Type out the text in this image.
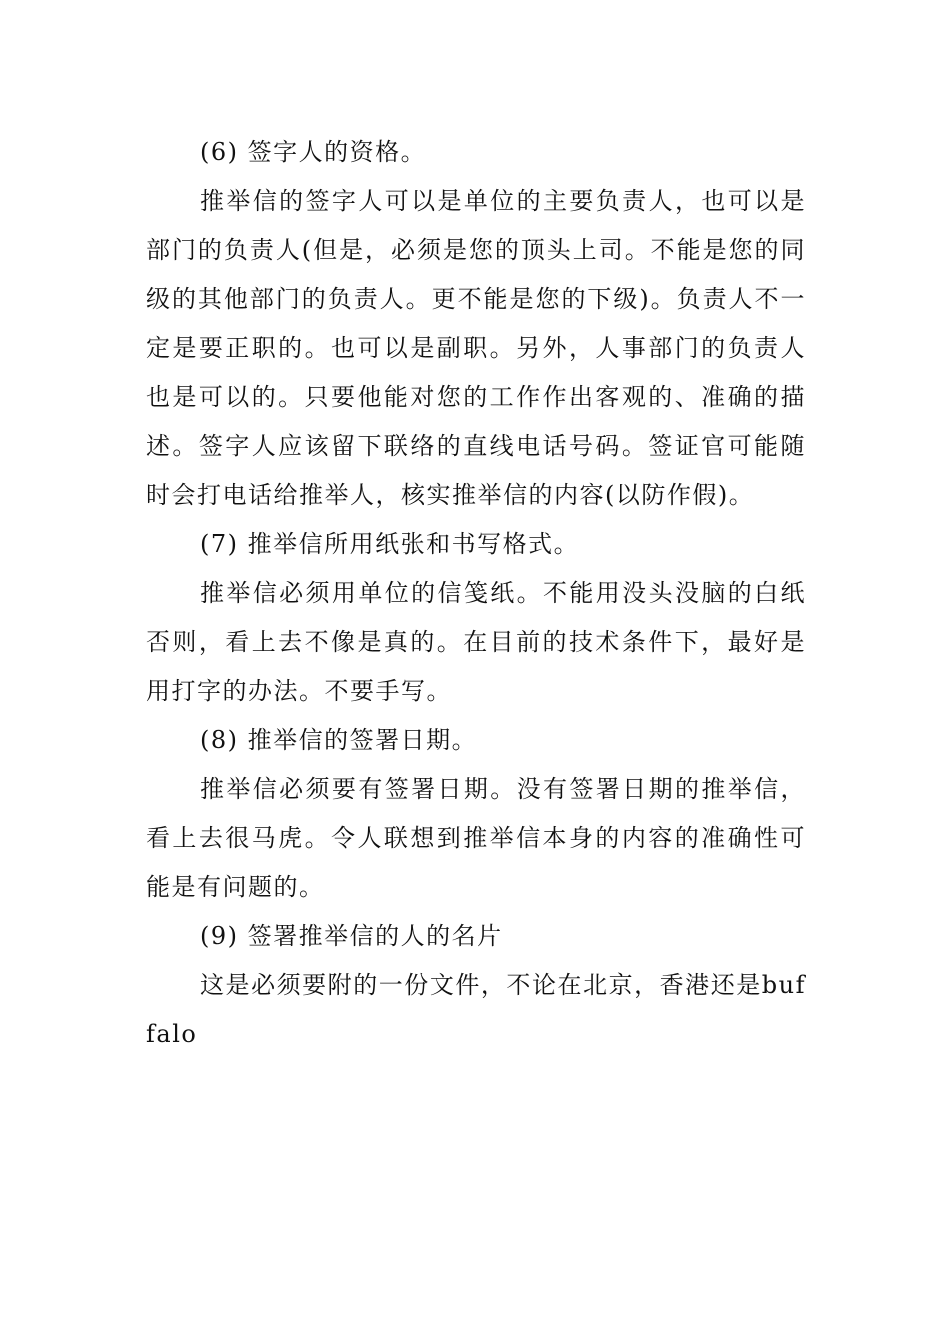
(6) 签字人的资格。

推举信的签字人可以是单位的主要负责人，也可以是部门的负责人(但是，必须是您的顶头上司。不能是您的同级的其他部门的负责人。更不能是您的下级)。负责人不一定是要正职的。也可以是副职。另外，人事部门的负责人也是可以的。只要他能对您的工作作出客观的、准确的描述。签字人应该留下联络的直线电话号码。签证官可能随时会打电话给推举人，核实推举信的内容(以防作假)。

(7) 推举信所用纸张和书写格式。

推举信必须用单位的信笺纸。不能用没头没脑的白纸否则，看上去不像是真的。在目前的技术条件下，最好是用打字的办法。不要手写。

(8) 推举信的签署日期。

推举信必须要有签署日期。没有签署日期的推举信，看上去很马虎。令人联想到推举信本身的内容的准确性可能是有问题的。

(9) 签署推举信的人的名片

这是必须要附的一份文件，不论在北京，香港还是buffalo
